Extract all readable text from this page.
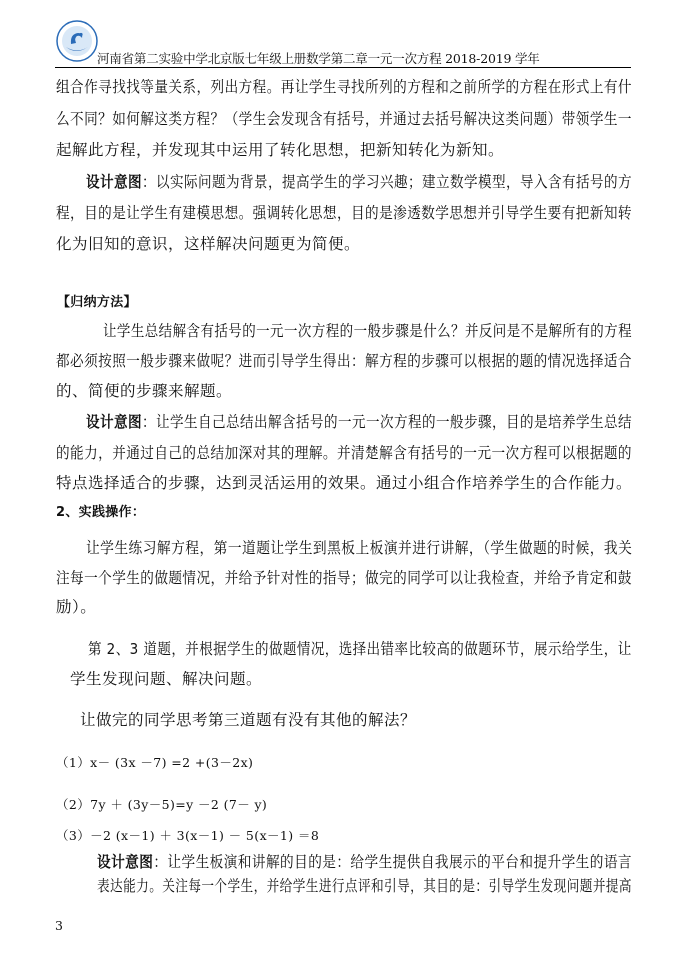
河南省第二实验中学北京版七年级上册数学第二章一元一次方程 2018-2019 学年
组合作寻找找等量关系，列出方程。再让学生寻找所列的方程和之前所学的方程在形式上有什
么不同？如何解这类方程？（学生会发现含有括号，并通过去括号解决这类问题）带领学生一
起解此方程，并发现其中运用了转化思想，把新知转化为新知。
设计意图：以实际问题为背景，提高学生的学习兴趣；建立数学模型，导入含有括号的方
程，目的是让学生有建模思想。强调转化思想，目的是渗透数学思想并引导学生要有把新知转
化为旧知的意识，这样解决问题更为简便。
【归纳方法】
让学生总结解含有括号的一元一次方程的一般步骤是什么？并反问是不是解所有的方程
都必须按照一般步骤来做呢？进而引导学生得出：解方程的步骤可以根据的题的情况选择适合
的、简便的步骤来解题。
设计意图：让学生自己总结出解含括号的一元一次方程的一般步骤，目的是培养学生总结
的能力，并通过自己的总结加深对其的理解。并清楚解含有括号的一元一次方程可以根据题的
特点选择适合的步骤，达到灵活运用的效果。通过小组合作培养学生的合作能力。
2、实践操作：
让学生练习解方程，第一道题让学生到黑板上板演并进行讲解，（学生做题的时候，我关
注每一个学生的做题情况，并给予针对性的指导；做完的同学可以让我检查，并给予肯定和鼓
励）。
第 2、3 道题，并根据学生的做题情况，选择出错率比较高的做题环节，展示给学生，让
学生发现问题、解决问题。
让做完的同学思考第三道题有没有其他的解法？
（1）x－ (3x －7) =2 +(3－2x)
（2）7y ＋ (3y－5)=y －2 (7－ y)
（3）－2 (x－1) ＋ 3(x－1) － 5(x－1) ＝8
设计意图：让学生板演和讲解的目的是：给学生提供自我展示的平台和提升学生的语言
表达能力。关注每一个学生，并给学生进行点评和引导，其目的是：引导学生发现问题并提高
3
